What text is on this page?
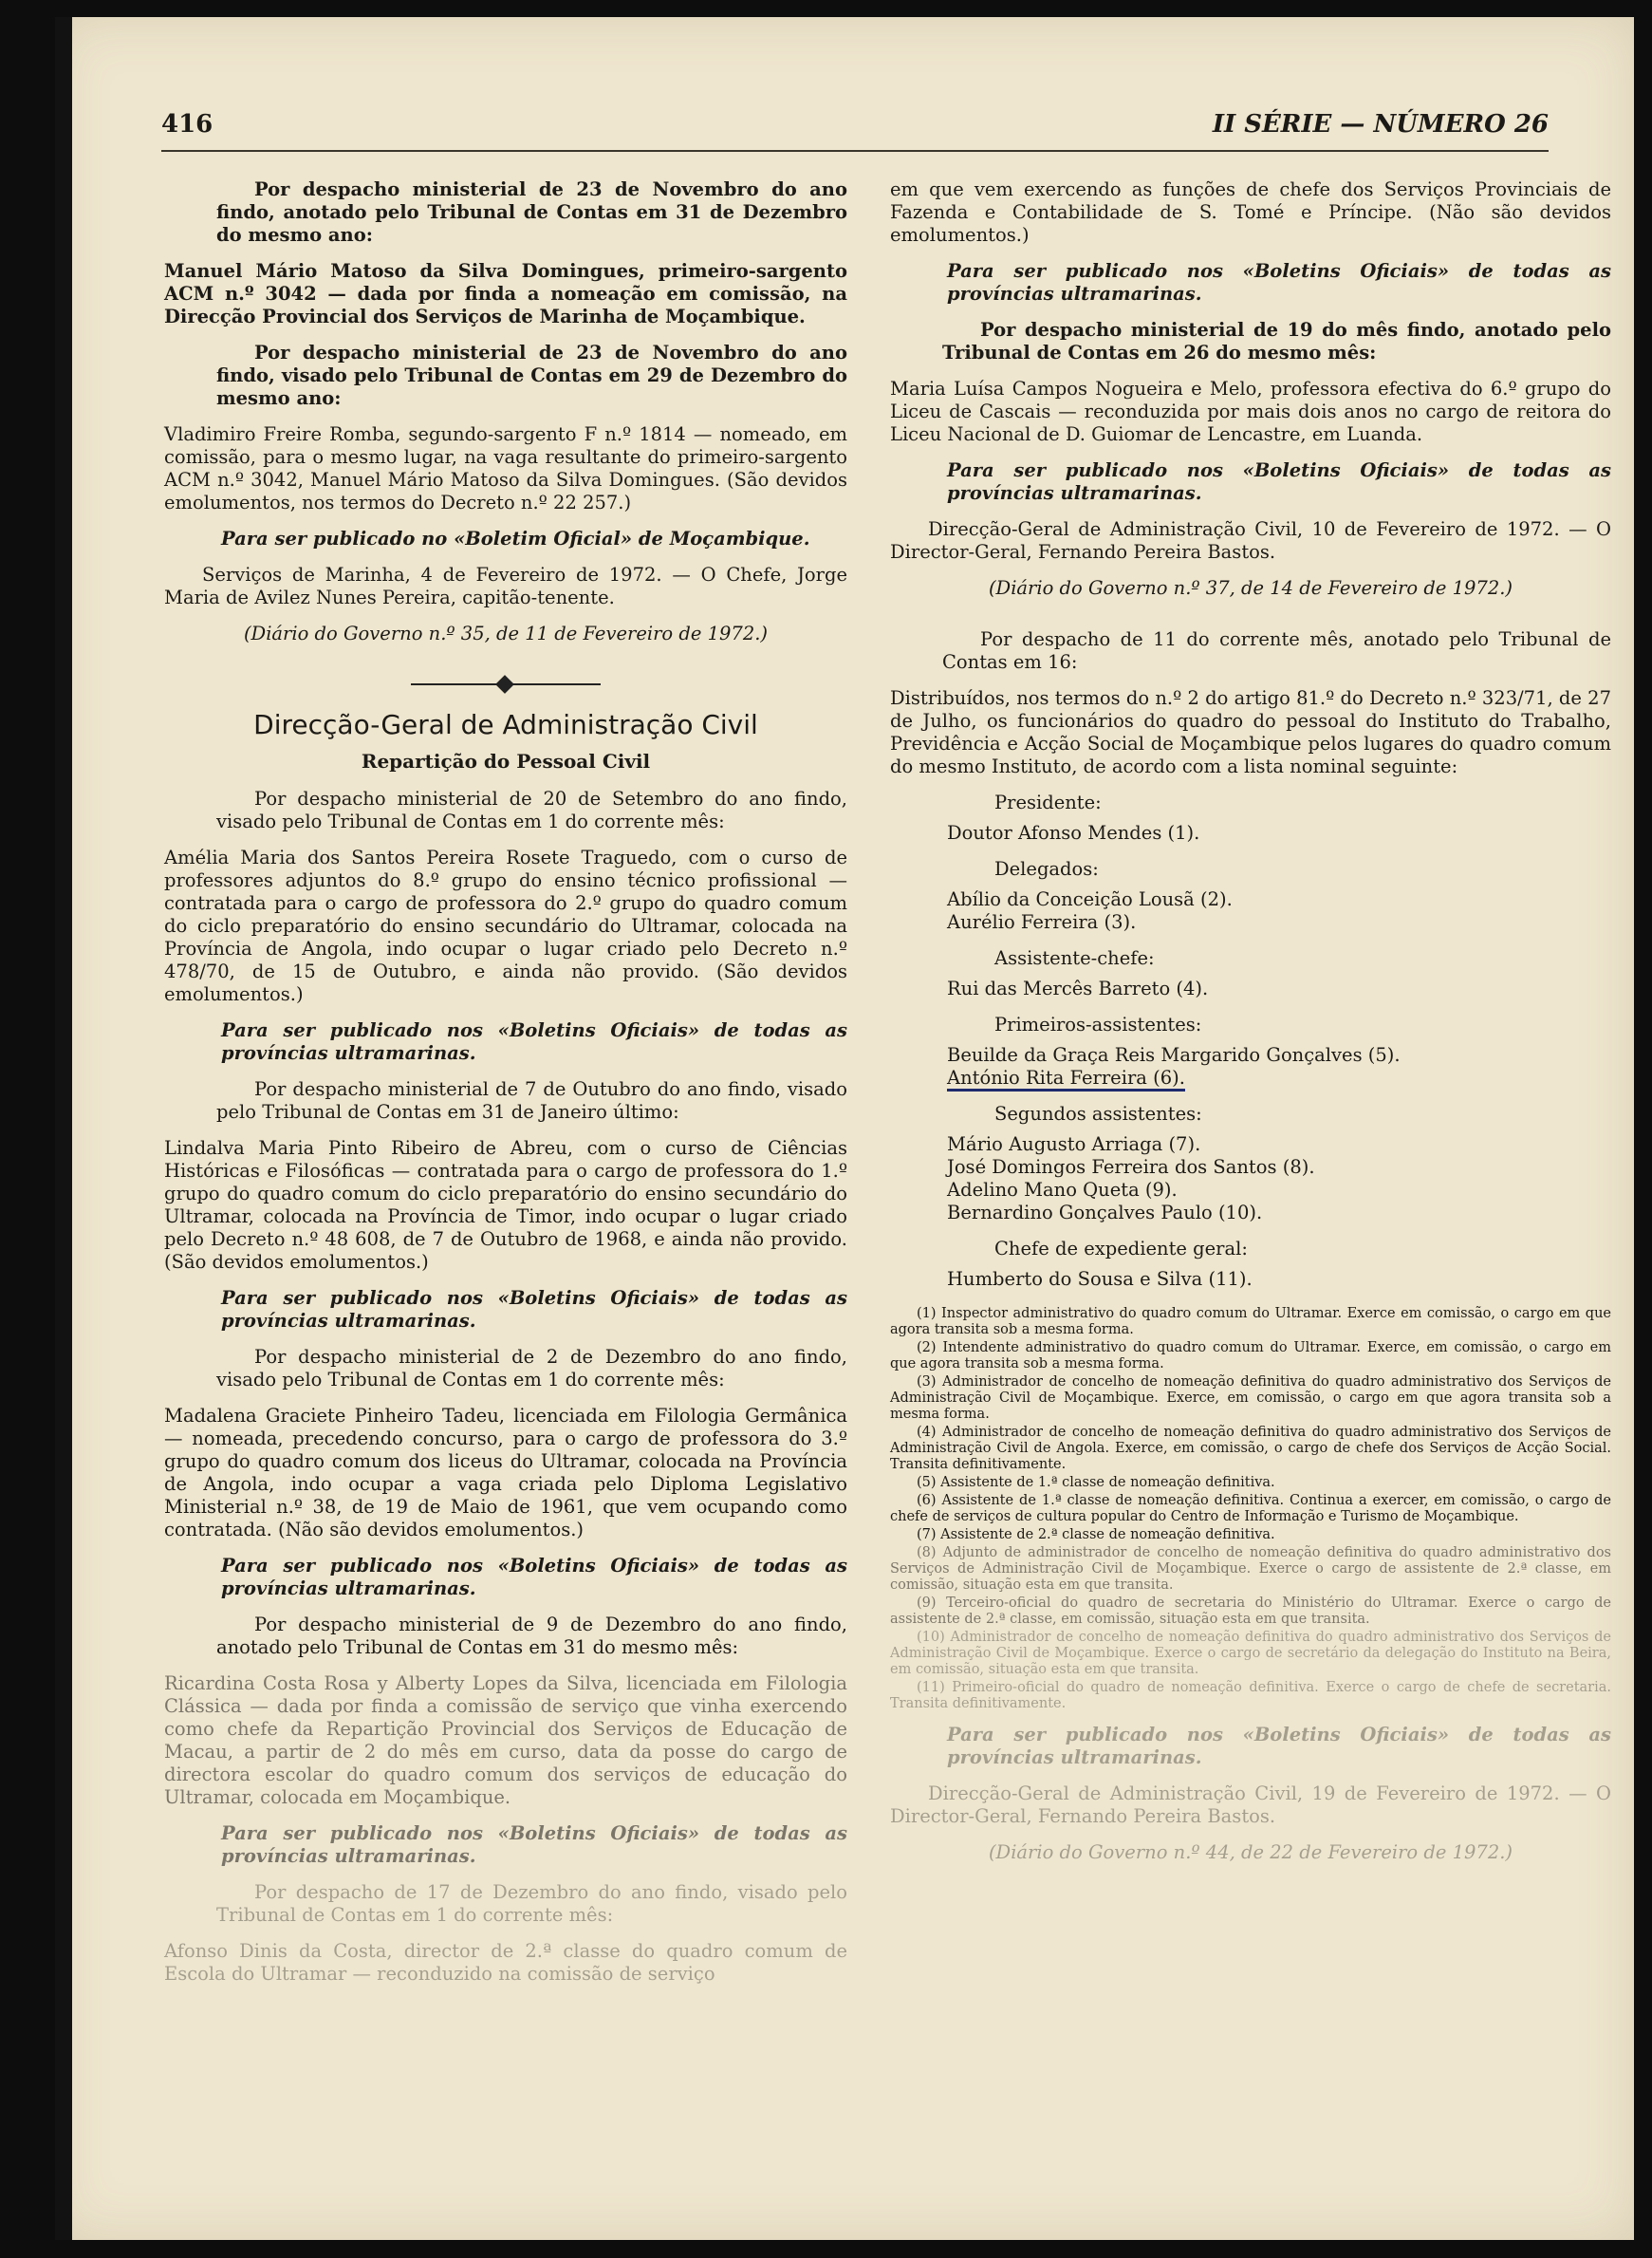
416	II SÉRIE — NÚMERO 26

Por despacho ministerial de 23 de Novembro do ano findo, anotado pelo Tribunal de Contas em 31 de Dezembro do mesmo ano:

Manuel Mário Matoso da Silva Domingues, primeiro-sargento ACM n.º 3042 — dada por finda a nomeação em comissão, na Direcção Provincial dos Serviços de Marinha de Moçambique.

Por despacho ministerial de 23 de Novembro do ano findo, visado pelo Tribunal de Contas em 29 de Dezembro do mesmo ano:

Vladimiro Freire Romba, segundo-sargento F n.º 1814 — nomeado, em comissão, para o mesmo lugar, na vaga resultante do primeiro-sargento ACM n.º 3042, Manuel Mário Matoso da Silva Domingues. (São devidos emolumentos, nos termos do Decreto n.º 22 257.)

Para ser publicado no «Boletim Oficial» de Moçambique.

Serviços de Marinha, 4 de Fevereiro de 1972. — O Chefe, Jorge Maria de Avilez Nunes Pereira, capitão-tenente.

(Diário do Governo n.º 35, de 11 de Fevereiro de 1972.)

Direcção-Geral de Administração Civil
Repartição do Pessoal Civil

Por despacho ministerial de 20 de Setembro do ano findo, visado pelo Tribunal de Contas em 1 do corrente mês:

Amélia Maria dos Santos Pereira Rosete Traguedo, com o curso de professores adjuntos do 8.º grupo do ensino técnico profissional — contratada para o cargo de professora do 2.º grupo do quadro comum do ciclo preparatório do ensino secundário do Ultramar, colocada na Província de Angola, indo ocupar o lugar criado pelo Decreto n.º 478/70, de 15 de Outubro, e ainda não provido. (São devidos emolumentos.)

Para ser publicado nos «Boletins Oficiais» de todas as províncias ultramarinas.

Por despacho ministerial de 7 de Outubro do ano findo, visado pelo Tribunal de Contas em 31 de Janeiro último:

Lindalva Maria Pinto Ribeiro de Abreu, com o curso de Ciências Históricas e Filosóficas — contratada para o cargo de professora do 1.º grupo do quadro comum do ciclo preparatório do ensino secundário do Ultramar, colocada na Província de Timor, indo ocupar o lugar criado pelo Decreto n.º 48 608, de 7 de Outubro de 1968, e ainda não provido. (São devidos emolumentos.)

Para ser publicado nos «Boletins Oficiais» de todas as províncias ultramarinas.

Por despacho ministerial de 2 de Dezembro do ano findo, visado pelo Tribunal de Contas em 1 do corrente mês:

Madalena Graciete Pinheiro Tadeu, licenciada em Filologia Germânica — nomeada, precedendo concurso, para o cargo de professora do 3.º grupo do quadro comum dos liceus do Ultramar, colocada na Província de Angola, indo ocupar a vaga criada pelo Diploma Legislativo Ministerial n.º 38, de 19 de Maio de 1961, que vem ocupando como contratada. (Não são devidos emolumentos.)

Para ser publicado nos «Boletins Oficiais» de todas as províncias ultramarinas.

Por despacho ministerial de 9 de Dezembro do ano findo, anotado pelo Tribunal de Contas em 31 do mesmo mês:

Ricardina Costa Rosa y Alberty Lopes da Silva, licenciada em Filologia Clássica — dada por finda a comissão de serviço que vinha exercendo como chefe da Repartição Provincial dos Serviços de Educação de Macau, a partir de 2 do mês em curso, data da posse do cargo de directora escolar do quadro comum dos serviços de educação do Ultramar, colocada em Moçambique.

Para ser publicado nos «Boletins Oficiais» de todas as províncias ultramarinas.

Por despacho de 17 de Dezembro do ano findo, visado pelo Tribunal de Contas em 1 do corrente mês:

Afonso Dinis da Costa, director de 2.ª classe do quadro comum de Escola do Ultramar — reconduzido na comissão de serviço

em que vem exercendo as funções de chefe dos Serviços Provinciais de Fazenda e Contabilidade de S. Tomé e Príncipe. (Não são devidos emolumentos.)

Para ser publicado nos «Boletins Oficiais» de todas as províncias ultramarinas.

Por despacho ministerial de 19 do mês findo, anotado pelo Tribunal de Contas em 26 do mesmo mês:

Maria Luísa Campos Nogueira e Melo, professora efectiva do 6.º grupo do Liceu de Cascais — reconduzida por mais dois anos no cargo de reitora do Liceu Nacional de D. Guiomar de Lencastre, em Luanda.

Para ser publicado nos «Boletins Oficiais» de todas as províncias ultramarinas.

Direcção-Geral de Administração Civil, 10 de Fevereiro de 1972. — O Director-Geral, Fernando Pereira Bastos.

(Diário do Governo n.º 37, de 14 de Fevereiro de 1972.)

Por despacho de 11 do corrente mês, anotado pelo Tribunal de Contas em 16:

Distribuídos, nos termos do n.º 2 do artigo 81.º do Decreto n.º 323/71, de 27 de Julho, os funcionários do quadro do pessoal do Instituto do Trabalho, Previdência e Acção Social de Moçambique pelos lugares do quadro comum do mesmo Instituto, de acordo com a lista nominal seguinte:

Presidente:

Doutor Afonso Mendes (1).

Delegados:

Abílio da Conceição Lousã (2).

Aurélio Ferreira (3).

Assistente-chefe:

Rui das Mercês Barreto (4).

Primeiros-assistentes:

Beuilde da Graça Reis Margarido Gonçalves (5).

António Rita Ferreira (6).

Segundos assistentes:

Mário Augusto Arriaga (7).

José Domingos Ferreira dos Santos (8).

Adelino Mano Queta (9).

Bernardino Gonçalves Paulo (10).

Chefe de expediente geral:

Humberto do Sousa e Silva (11).

(1) Inspector administrativo do quadro comum do Ultramar. Exerce em comissão, o cargo em que agora transita sob a mesma forma.

(2) Intendente administrativo do quadro comum do Ultramar. Exerce, em comissão, o cargo em que agora transita sob a mesma forma.

(3) Administrador de concelho de nomeação definitiva do quadro administrativo dos Serviços de Administração Civil de Moçambique. Exerce, em comissão, o cargo em que agora transita sob a mesma forma.

(4) Administrador de concelho de nomeação definitiva do quadro administrativo dos Serviços de Administração Civil de Angola. Exerce, em comissão, o cargo de chefe dos Serviços de Acção Social. Transita definitivamente.

(5) Assistente de 1.ª classe de nomeação definitiva.

(6) Assistente de 1.ª classe de nomeação definitiva. Continua a exercer, em comissão, o cargo de chefe de serviços de cultura popular do Centro de Informação e Turismo de Moçambique.

(7) Assistente de 2.ª classe de nomeação definitiva.

(8) Adjunto de administrador de concelho de nomeação definitiva do quadro administrativo dos Serviços de Administração Civil de Moçambique. Exerce o cargo de assistente de 2.ª classe, em comissão, situação esta em que transita.

(9) Terceiro-oficial do quadro de secretaria do Ministério do Ultramar. Exerce o cargo de assistente de 2.ª classe, em comissão, situação esta em que transita.

(10) Administrador de concelho de nomeação definitiva do quadro administrativo dos Serviços de Administração Civil de Moçambique. Exerce o cargo de secretário da delegação do Instituto na Beira, em comissão, situação esta em que transita.

(11) Primeiro-oficial do quadro de nomeação definitiva. Exerce o cargo de chefe de secretaria. Transita definitivamente.

Para ser publicado nos «Boletins Oficiais» de todas as províncias ultramarinas.

Direcção-Geral de Administração Civil, 19 de Fevereiro de 1972. — O Director-Geral, Fernando Pereira Bastos.

(Diário do Governo n.º 44, de 22 de Fevereiro de 1972.)
